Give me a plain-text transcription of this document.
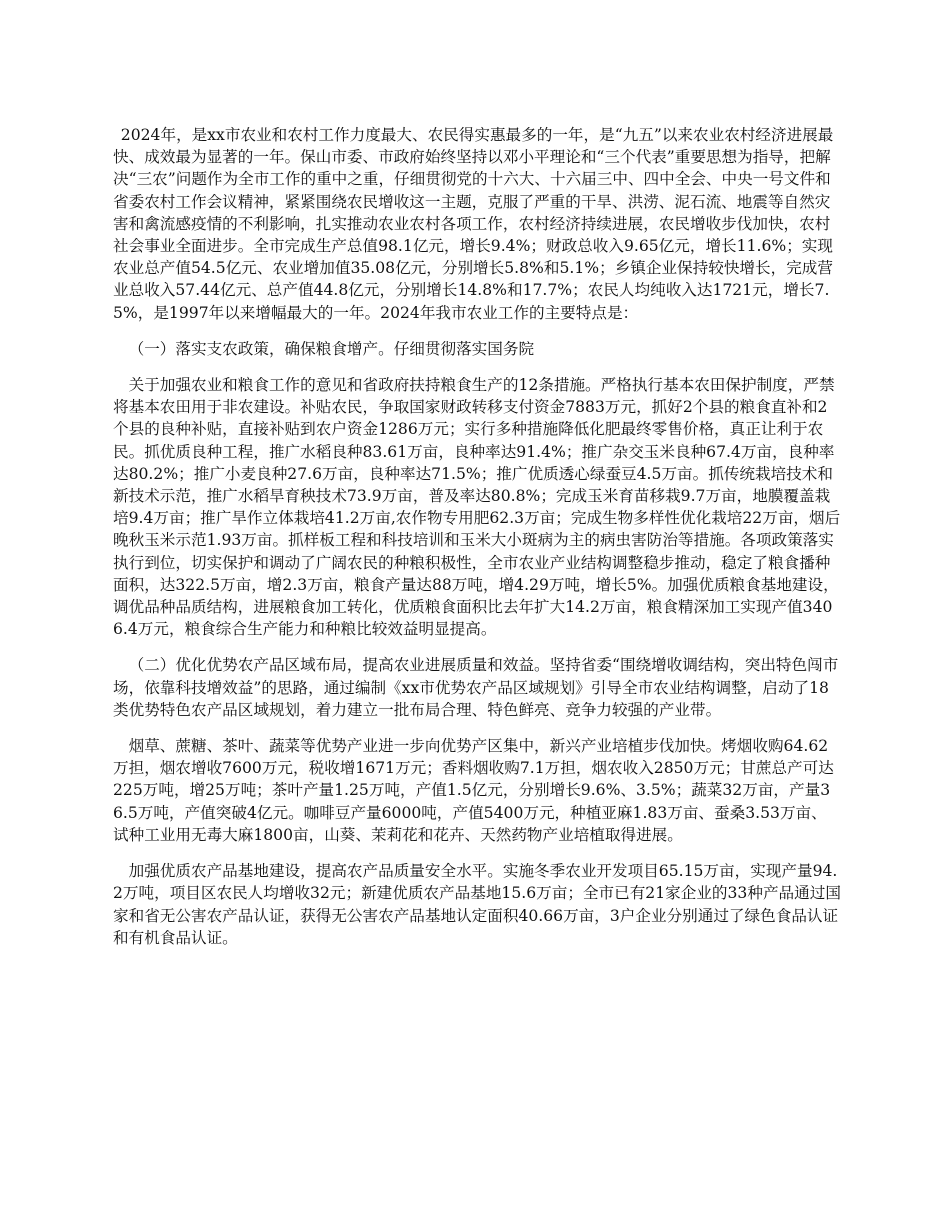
2024年，是xx市农业和农村工作力度最大、农民得实惠最多的一年，是“九五”以来农业农村经济进展最快、成效最为显著的一年。保山市委、市政府始终坚持以邓小平理论和“三个代表”重要思想为指导，把解决“三农”问题作为全市工作的重中之重，仔细贯彻党的十六大、十六届三中、四中全会、中央一号文件和省委农村工作会议精神，紧紧围绕农民增收这一主题，克服了严重的干旱、洪涝、泥石流、地震等自然灾害和禽流感疫情的不利影响，扎实推动农业农村各项工作，农村经济持续进展，农民增收步伐加快，农村社会事业全面进步。全市完成生产总值98.1亿元，增长9.4%；财政总收入9.65亿元，增长11.6%；实现农业总产值54.5亿元、农业增加值35.08亿元，分别增长5.8%和5.1%；乡镇企业保持较快增长，完成营业总收入57.44亿元、总产值44.8亿元，分别增长14.8%和17.7%；农民人均纯收入达1721元，增长7.5%，是1997年以来增幅最大的一年。2024年我市农业工作的主要特点是：

（一）落实支农政策，确保粮食增产。仔细贯彻落实国务院

关于加强农业和粮食工作的意见和省政府扶持粮食生产的12条措施。严格执行基本农田保护制度，严禁将基本农田用于非农建设。补贴农民，争取国家财政转移支付资金7883万元，抓好2个县的粮食直补和2个县的良种补贴，直接补贴到农户资金1286万元；实行多种措施降低化肥最终零售价格，真正让利于农民。抓优质良种工程，推广水稻良种83.61万亩，良种率达91.4%；推广杂交玉米良种67.4万亩，良种率达80.2%；推广小麦良种27.6万亩，良种率达71.5%；推广优质透心绿蚕豆4.5万亩。抓传统栽培技术和新技术示范，推广水稻旱育秧技术73.9万亩，普及率达80.8%；完成玉米育苗移栽9.7万亩，地膜覆盖栽培9.4万亩；推广旱作立体栽培41.2万亩,农作物专用肥62.3万亩；完成生物多样性优化栽培22万亩，烟后晚秋玉米示范1.93万亩。抓样板工程和科技培训和玉米大小斑病为主的病虫害防治等措施。各项政策落实执行到位，切实保护和调动了广阔农民的种粮积极性，全市农业产业结构调整稳步推动，稳定了粮食播种面积，达322.5万亩，增2.3万亩，粮食产量达88万吨，增4.29万吨，增长5%。加强优质粮食基地建设，调优品种品质结构，进展粮食加工转化，优质粮食面积比去年扩大14.2万亩，粮食精深加工实现产值3406.4万元，粮食综合生产能力和种粮比较效益明显提高。

（二）优化优势农产品区域布局，提高农业进展质量和效益。坚持省委“围绕增收调结构，突出特色闯市场，依靠科技增效益”的思路，通过编制《xx市优势农产品区域规划》引导全市农业结构调整，启动了18类优势特色农产品区域规划，着力建立一批布局合理、特色鲜亮、竞争力较强的产业带。

烟草、蔗糖、茶叶、蔬菜等优势产业进一步向优势产区集中，新兴产业培植步伐加快。烤烟收购64.62万担，烟农增收7600万元，税收增1671万元；香料烟收购7.1万担，烟农收入2850万元；甘蔗总产可达225万吨，增25万吨；茶叶产量1.25万吨，产值1.5亿元，分别增长9.6%、3.5%；蔬菜32万亩，产量36.5万吨，产值突破4亿元。咖啡豆产量6000吨，产值5400万元，种植亚麻1.83万亩、蚕桑3.53万亩、试种工业用无毒大麻1800亩，山葵、茉莉花和花卉、天然药物产业培植取得进展。

加强优质农产品基地建设，提高农产品质量安全水平。实施冬季农业开发项目65.15万亩，实现产量94.2万吨，项目区农民人均增收32元；新建优质农产品基地15.6万亩；全市已有21家企业的33种产品通过国家和省无公害农产品认证，获得无公害农产品基地认定面积40.66万亩，3户企业分别通过了绿色食品认证和有机食品认证。
